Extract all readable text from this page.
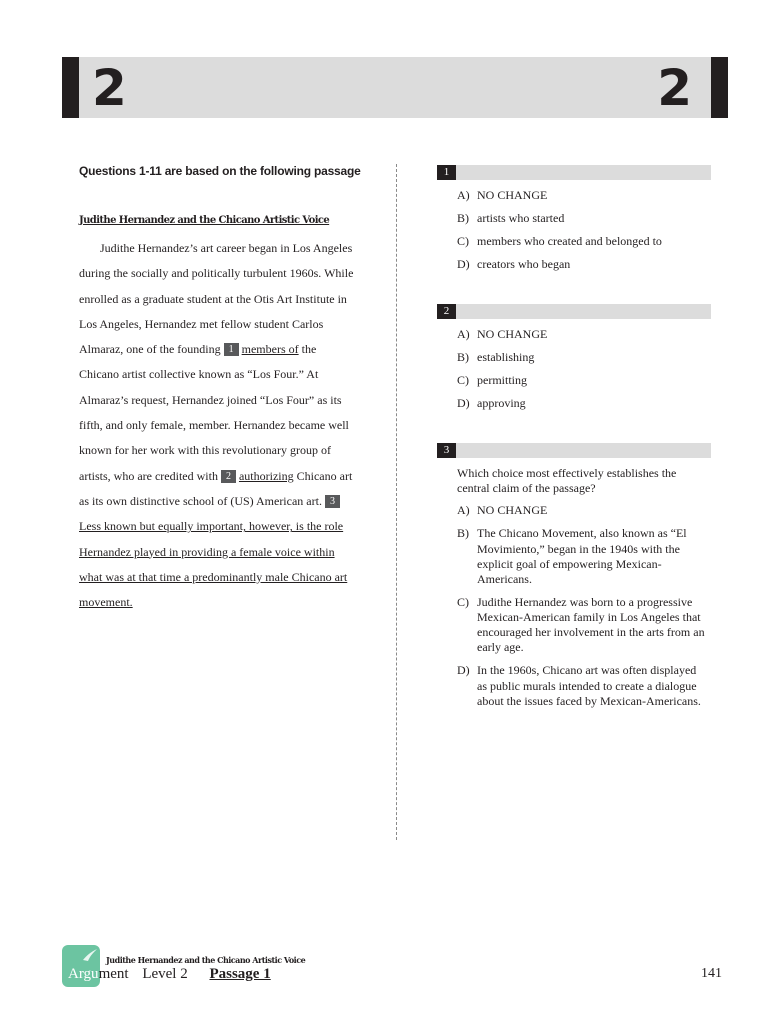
2	2
Questions 1-11 are based on the following passage
Judithe Hernandez and the Chicano Artistic Voice
Judithe Hernandez’s art career began in Los Angeles during the socially and politically turbulent 1960s. While enrolled as a graduate student at the Otis Art Institute in Los Angeles, Hernandez met fellow student Carlos Almaraz, one of the founding 1 members of the Chicano artist collective known as “Los Four.” At Almaraz’s request, Hernandez joined “Los Four” as its fifth, and only female, member. Hernandez became well known for her work with this revolutionary group of artists, who are credited with 2 authorizing Chicano art as its own distinctive school of (US) American art. 3Less known but equally important, however, is the role Hernandez played in providing a female voice within what was at that time a predominantly male Chicano art movement.
1
A) NO CHANGE
B) artists who started
C) members who created and belonged to
D) creators who began
2
A) NO CHANGE
B) establishing
C) permitting
D) approving
3
Which choice most effectively establishes the central claim of the passage?
A) NO CHANGE
B) The Chicano Movement, also known as “El Movimiento,” began in the 1940s with the explicit goal of empowering Mexican-Americans.
C) Judithe Hernandez was born to a progressive Mexican-American family in Los Angeles that encouraged her involvement in the arts from an early age.
D) In the 1960s, Chicano art was often displayed as public murals intended to create a dialogue about the issues faced by Mexican-Americans.
Judithe Hernandez and the Chicano Artistic Voice
Argument Level 2 Passage 1	141
